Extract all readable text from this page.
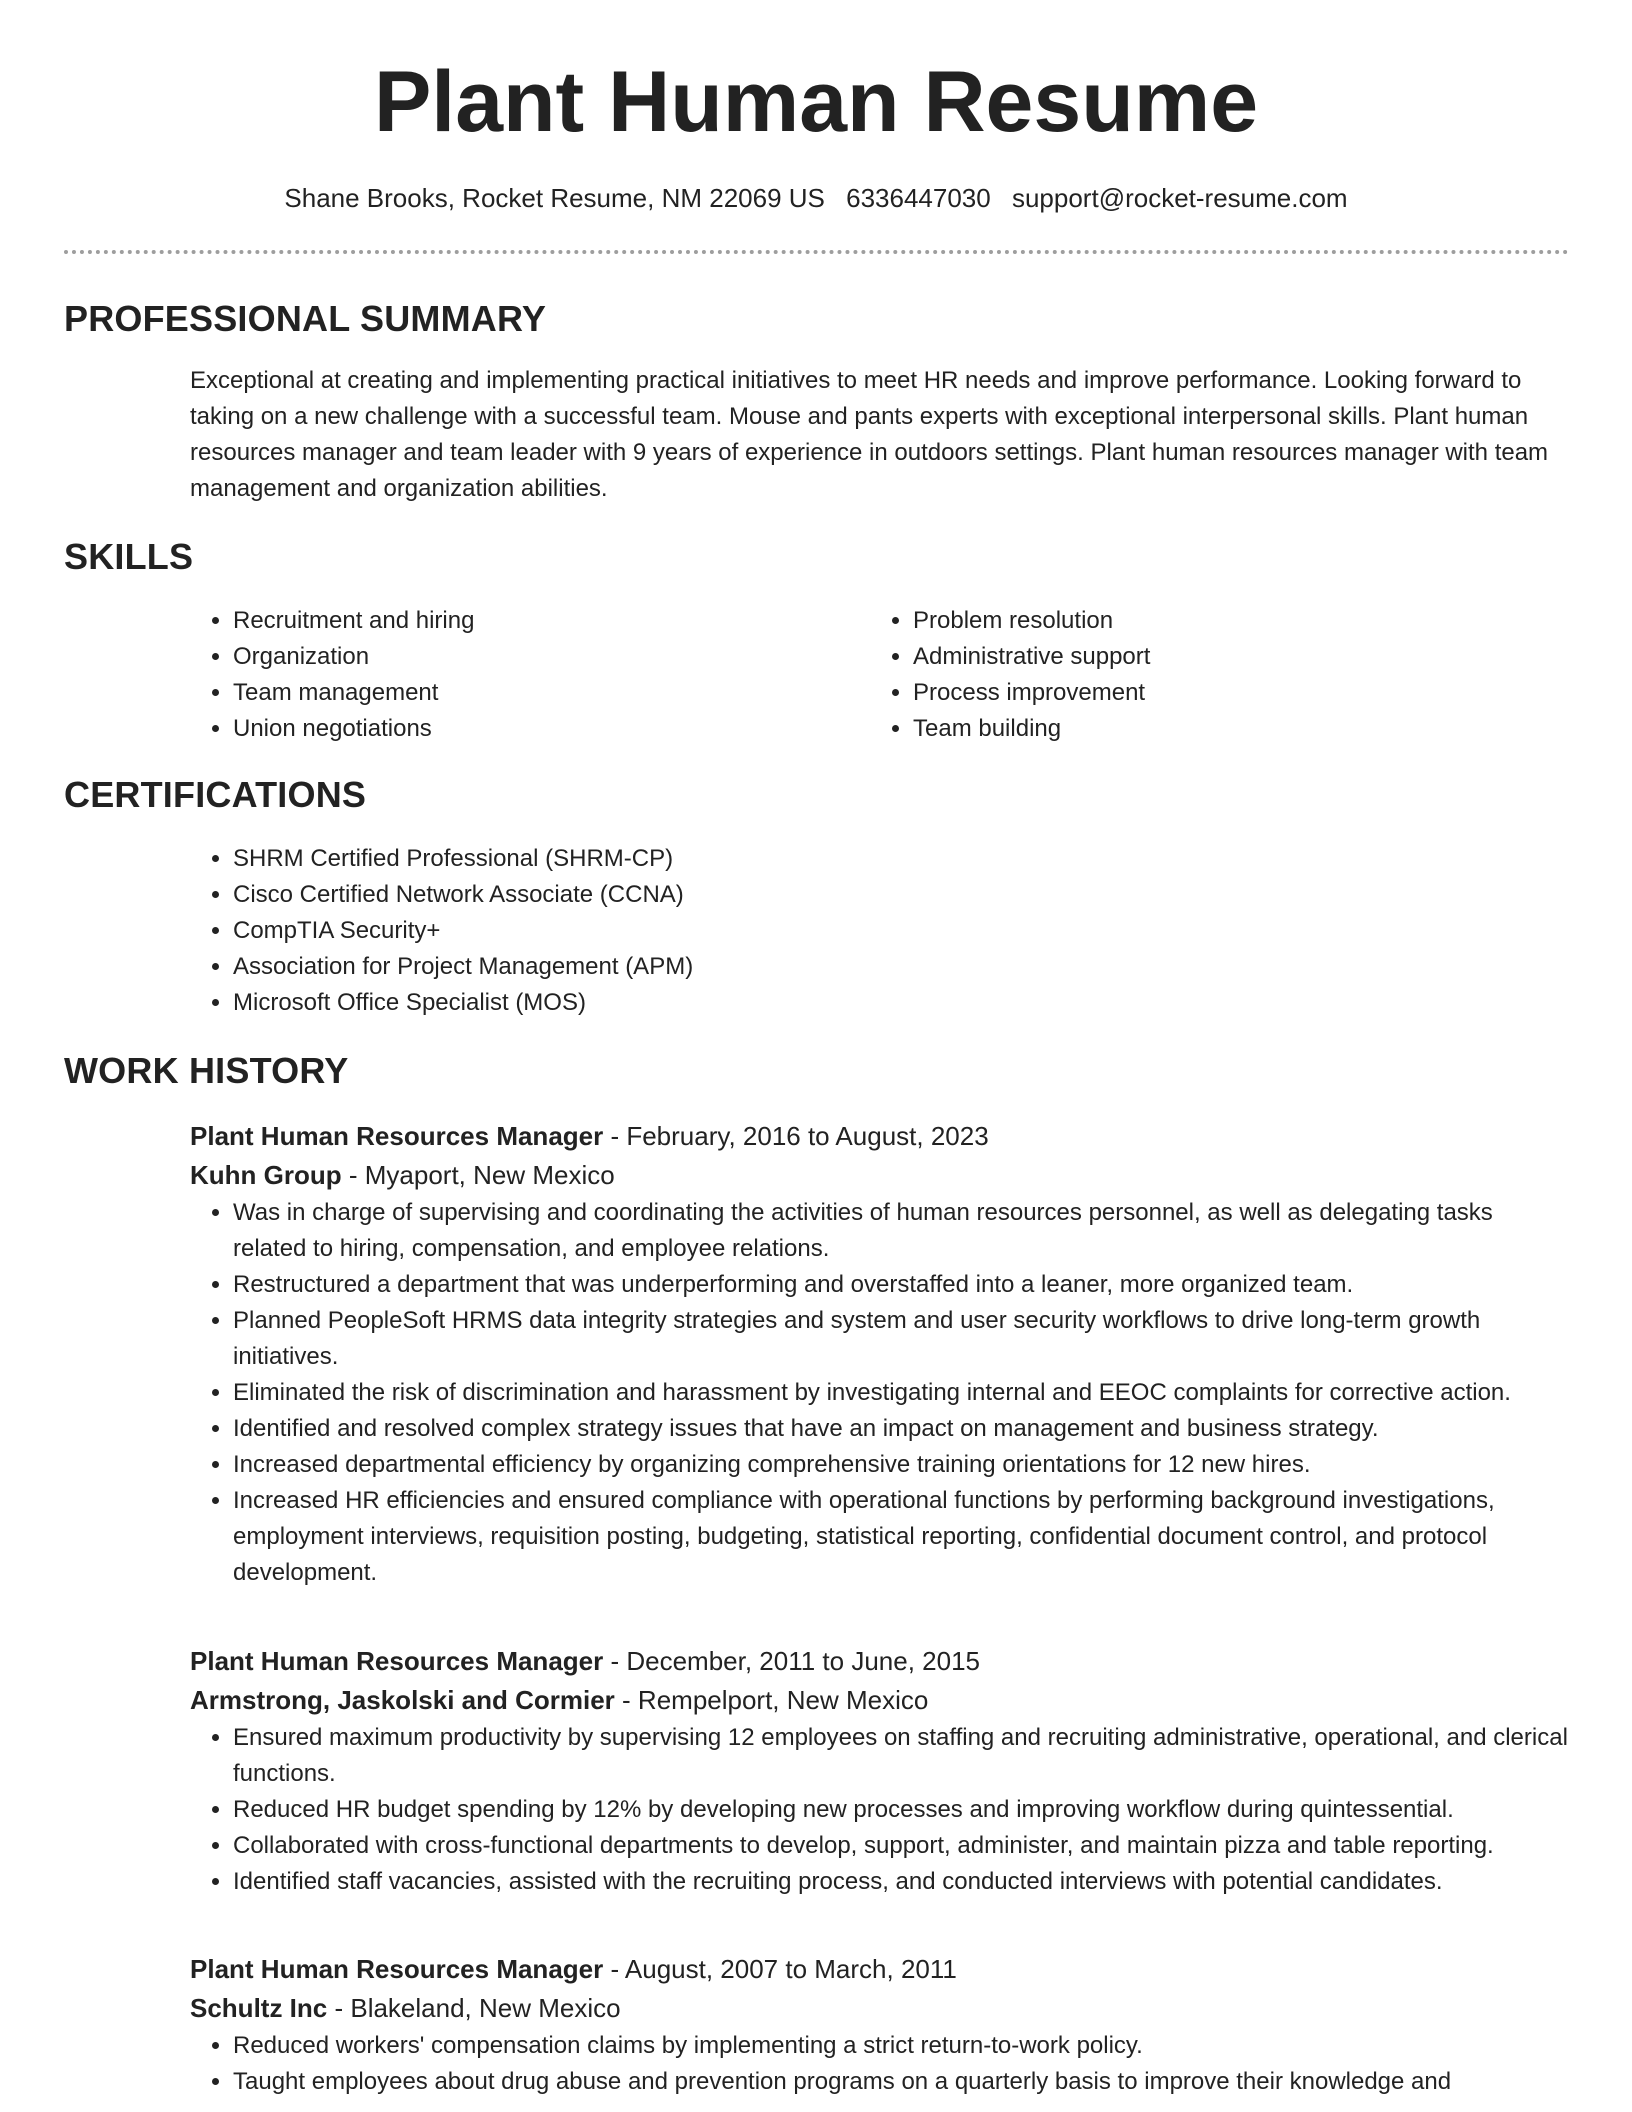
Plant Human Resume
Shane Brooks, Rocket Resume, NM 22069 US 6336447030 support@rocket-resume.com
PROFESSIONAL SUMMARY

Exceptional at creating and implementing practical initiatives to meet HR needs and improve performance. Looking forward to taking on a new challenge with a successful team. Mouse and pants experts with exceptional interpersonal skills. Plant human resources manager and team leader with 9 years of experience in outdoors settings. Plant human resources manager with team management and organization abilities.

SKILLS
• Recruitment and hiring
• Organization
• Team management
• Union negotiations
• Problem resolution
• Administrative support
• Process improvement
• Team building
CERTIFICATIONS
• SHRM Certified Professional (SHRM-CP)
• Cisco Certified Network Associate (CCNA)
• CompTIA Security+
• Association for Project Management (APM)
• Microsoft Office Specialist (MOS)
WORK HISTORY
Plant Human Resources Manager - February, 2016 to August, 2023
Kuhn Group - Myaport, New Mexico
• Was in charge of supervising and coordinating the activities of human resources personnel, as well as delegating tasks related to hiring, compensation, and employee relations.
• Restructured a department that was underperforming and overstaffed into a leaner, more organized team.
• Planned PeopleSoft HRMS data integrity strategies and system and user security workflows to drive long-term growth initiatives.
• Eliminated the risk of discrimination and harassment by investigating internal and EEOC complaints for corrective action.
• Identified and resolved complex strategy issues that have an impact on management and business strategy.
• Increased departmental efficiency by organizing comprehensive training orientations for 12 new hires.
• Increased HR efficiencies and ensured compliance with operational functions by performing background investigations, employment interviews, requisition posting, budgeting, statistical reporting, confidential document control, and protocol development.
Plant Human Resources Manager - December, 2011 to June, 2015
Armstrong, Jaskolski and Cormier - Rempelport, New Mexico
• Ensured maximum productivity by supervising 12 employees on staffing and recruiting administrative, operational, and clerical functions.
• Reduced HR budget spending by 12% by developing new processes and improving workflow during quintessential.
• Collaborated with cross-functional departments to develop, support, administer, and maintain pizza and table reporting.
• Identified staff vacancies, assisted with the recruiting process, and conducted interviews with potential candidates.
Plant Human Resources Manager - August, 2007 to March, 2011
Schultz Inc - Blakeland, New Mexico
• Reduced workers' compensation claims by implementing a strict return-to-work policy.
• Taught employees about drug abuse and prevention programs on a quarterly basis to improve their knowledge and
